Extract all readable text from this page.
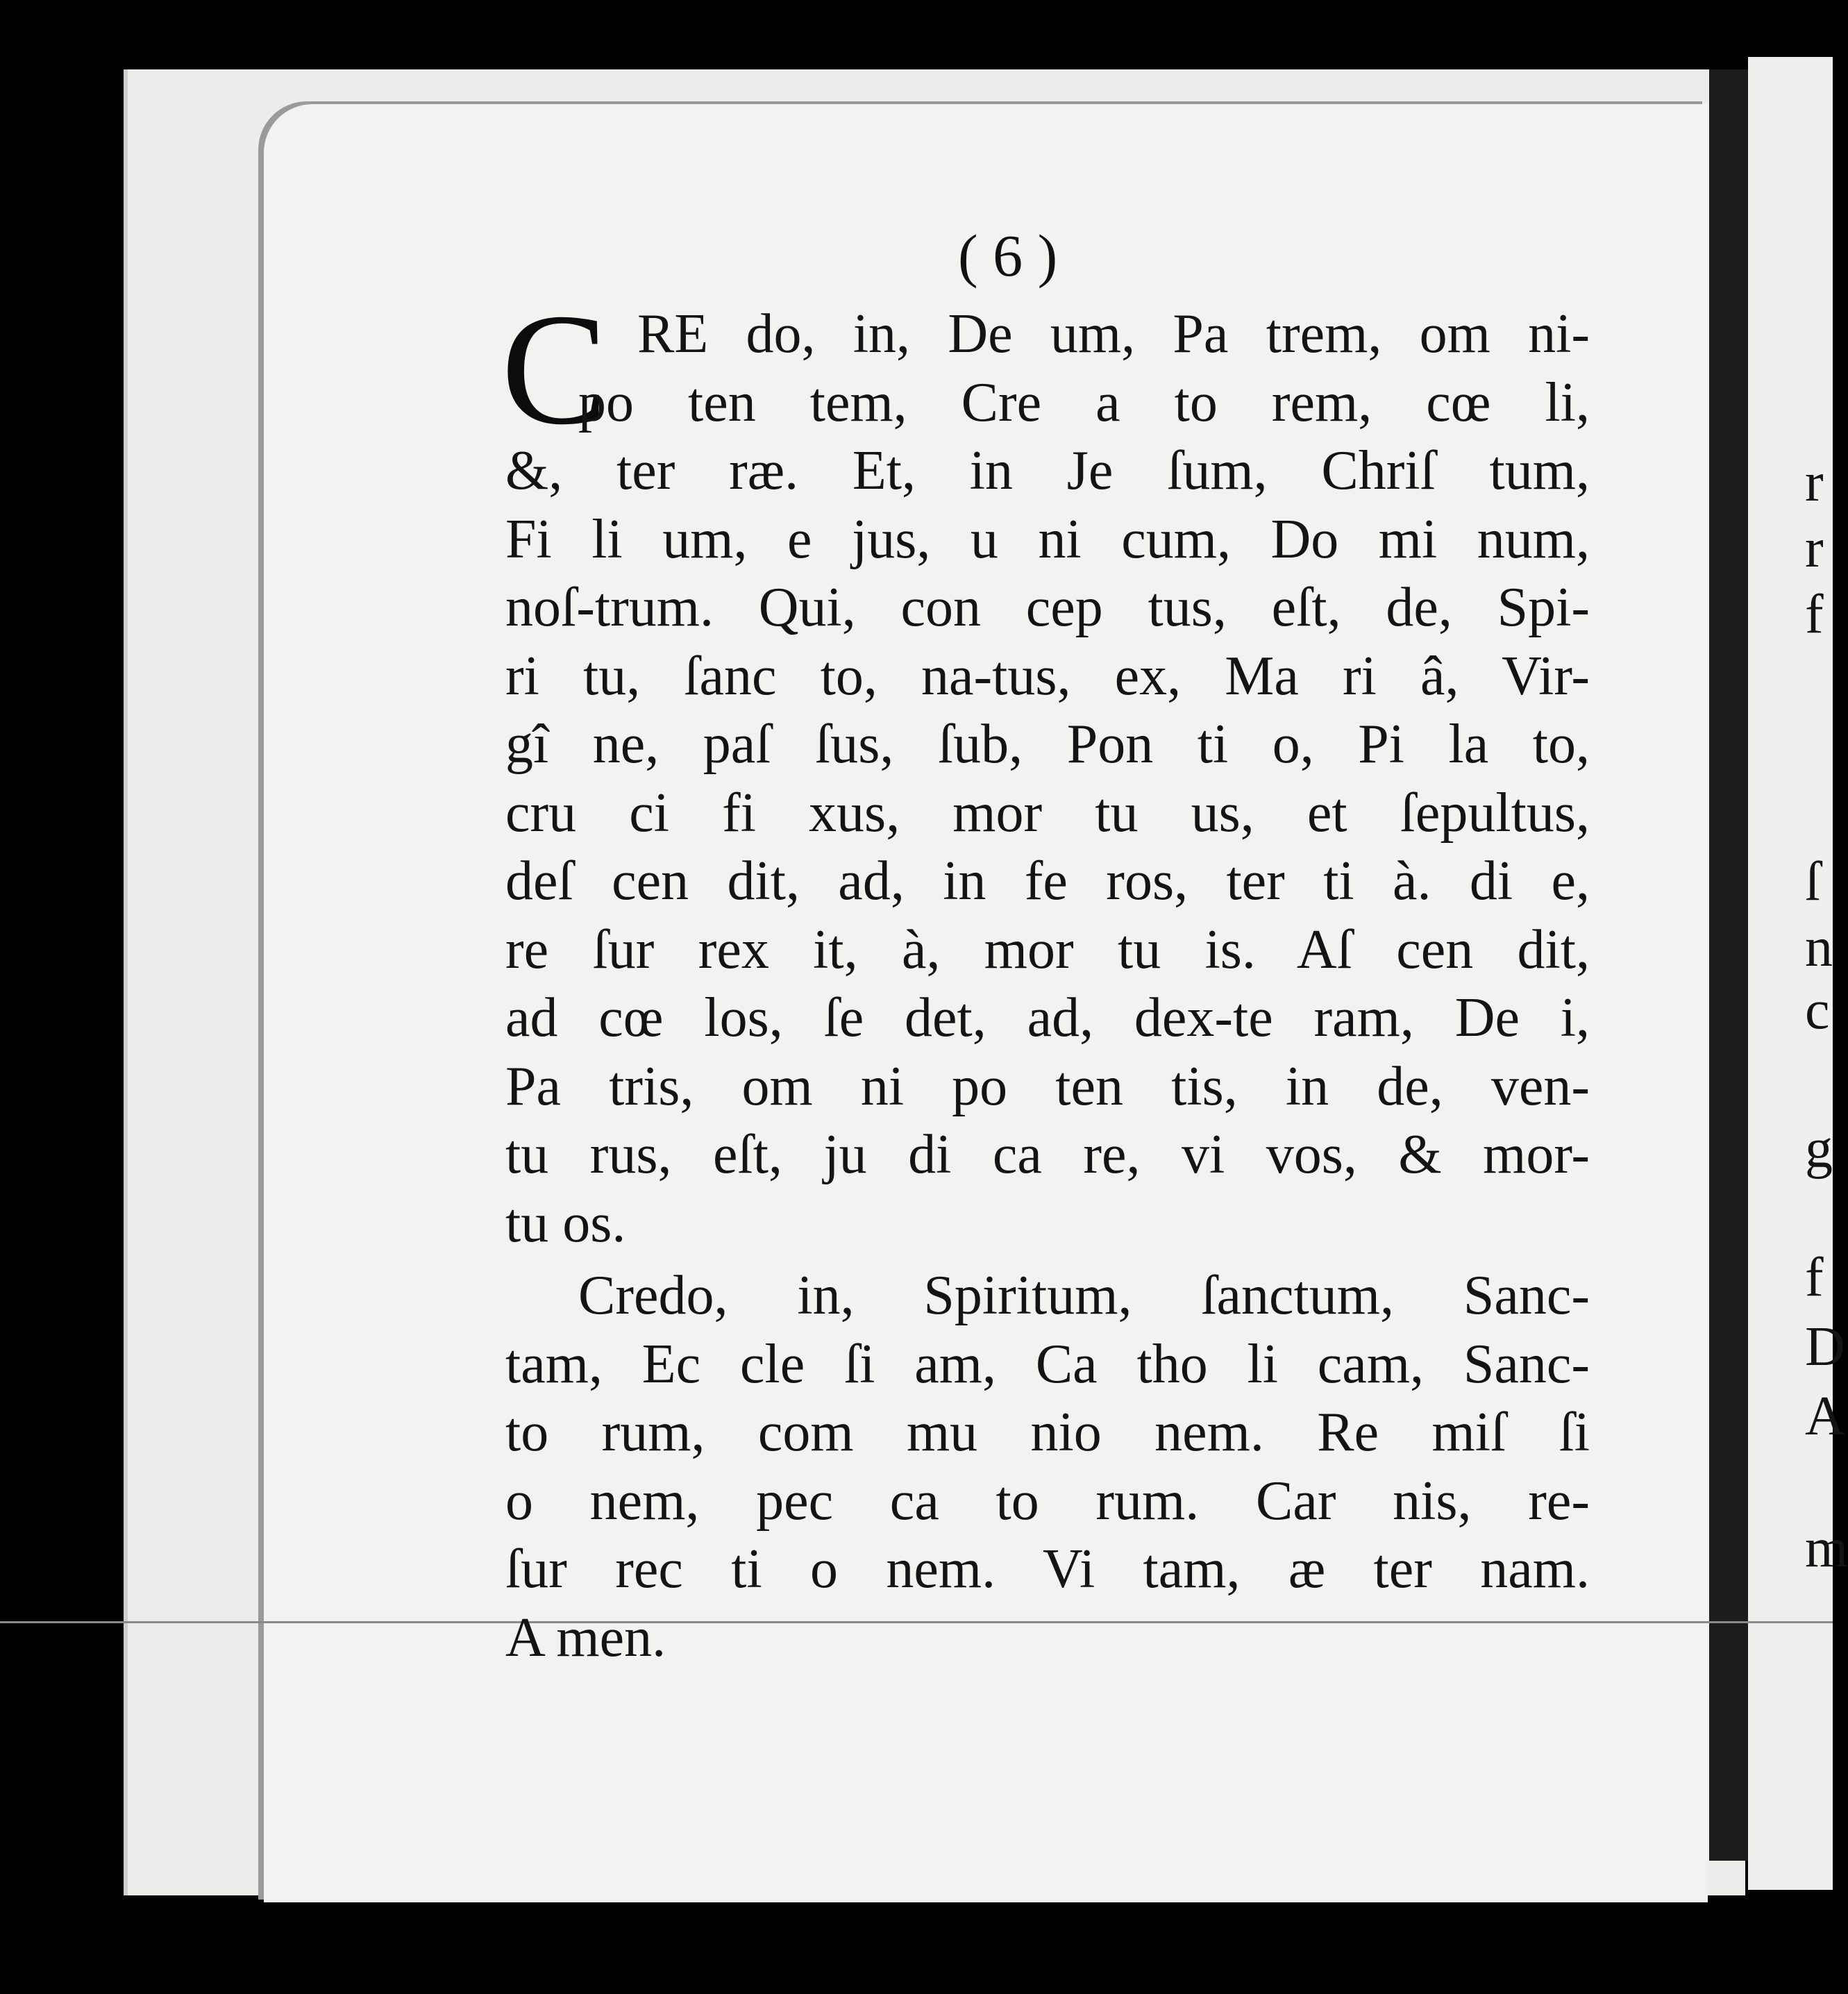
( 6 )
C RE do, in, De um, Pa trem, om ni-
po ten tem, Cre a to rem, cœ li,
&, ter ræ. Et, in Je ſum, Chriſ tum,
Fi li um, e jus, u ni cum, Do mi num,
noſ-trum. Qui, con cep tus, eſt, de, Spi-
ri tu, ſanc to, na-tus, ex, Ma ri â, Vir-
gî ne, paſ ſus, ſub, Pon ti o, Pi la to,
cru ci fi xus, mor tu us, et ſepultus,
deſ cen dit, ad, in fe ros, ter ti à. di e,
re ſur rex it, à, mor tu is. Aſ cen dit,
ad cœ los, ſe det, ad, dex-te ram, De i,
Pa tris, om ni po ten tis, in de, ven-
tu rus, eſt, ju di ca re, vi vos, & mor-
tu os.
Credo, in, Spiritum, ſanctum, Sanc-
tam, Ec cle ſi am, Ca tho li cam, Sanc-
to rum, com mu nio nem. Re miſ ſi
o nem, pec ca to rum. Car nis, re-
ſur rec ti o nem. Vi tam, æ ter nam.
A men.
r
r
f
ſ
n
c
g
f
D
A
m
